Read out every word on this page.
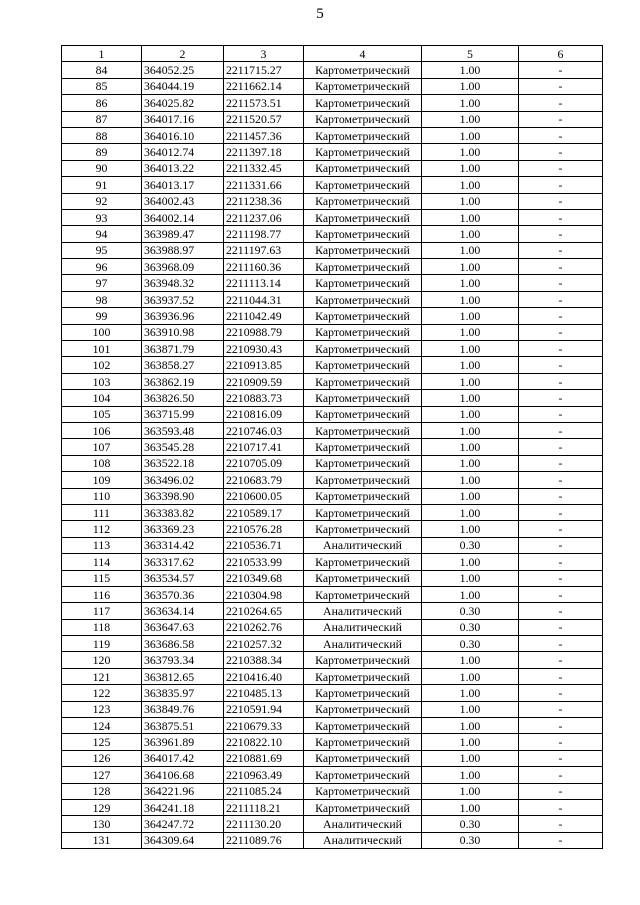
5
1	2	3	4	5	6
84	364052.25	2211715.27	Картометрический	1.00	-
85	364044.19	2211662.14	Картометрический	1.00	-
86	364025.82	2211573.51	Картометрический	1.00	-
87	364017.16	2211520.57	Картометрический	1.00	-
88	364016.10	2211457.36	Картометрический	1.00	-
89	364012.74	2211397.18	Картометрический	1.00	-
90	364013.22	2211332.45	Картометрический	1.00	-
91	364013.17	2211331.66	Картометрический	1.00	-
92	364002.43	2211238.36	Картометрический	1.00	-
93	364002.14	2211237.06	Картометрический	1.00	-
94	363989.47	2211198.77	Картометрический	1.00	-
95	363988.97	2211197.63	Картометрический	1.00	-
96	363968.09	2211160.36	Картометрический	1.00	-
97	363948.32	2211113.14	Картометрический	1.00	-
98	363937.52	2211044.31	Картометрический	1.00	-
99	363936.96	2211042.49	Картометрический	1.00	-
100	363910.98	2210988.79	Картометрический	1.00	-
101	363871.79	2210930.43	Картометрический	1.00	-
102	363858.27	2210913.85	Картометрический	1.00	-
103	363862.19	2210909.59	Картометрический	1.00	-
104	363826.50	2210883.73	Картометрический	1.00	-
105	363715.99	2210816.09	Картометрический	1.00	-
106	363593.48	2210746.03	Картометрический	1.00	-
107	363545.28	2210717.41	Картометрический	1.00	-
108	363522.18	2210705.09	Картометрический	1.00	-
109	363496.02	2210683.79	Картометрический	1.00	-
110	363398.90	2210600.05	Картометрический	1.00	-
111	363383.82	2210589.17	Картометрический	1.00	-
112	363369.23	2210576.28	Картометрический	1.00	-
113	363314.42	2210536.71	Аналитический	0.30	-
114	363317.62	2210533.99	Картометрический	1.00	-
115	363534.57	2210349.68	Картометрический	1.00	-
116	363570.36	2210304.98	Картометрический	1.00	-
117	363634.14	2210264.65	Аналитический	0.30	-
118	363647.63	2210262.76	Аналитический	0.30	-
119	363686.58	2210257.32	Аналитический	0.30	-
120	363793.34	2210388.34	Картометрический	1.00	-
121	363812.65	2210416.40	Картометрический	1.00	-
122	363835.97	2210485.13	Картометрический	1.00	-
123	363849.76	2210591.94	Картометрический	1.00	-
124	363875.51	2210679.33	Картометрический	1.00	-
125	363961.89	2210822.10	Картометрический	1.00	-
126	364017.42	2210881.69	Картометрический	1.00	-
127	364106.68	2210963.49	Картометрический	1.00	-
128	364221.96	2211085.24	Картометрический	1.00	-
129	364241.18	2211118.21	Картометрический	1.00	-
130	364247.72	2211130.20	Аналитический	0.30	-
131	364309.64	2211089.76	Аналитический	0.30	-
